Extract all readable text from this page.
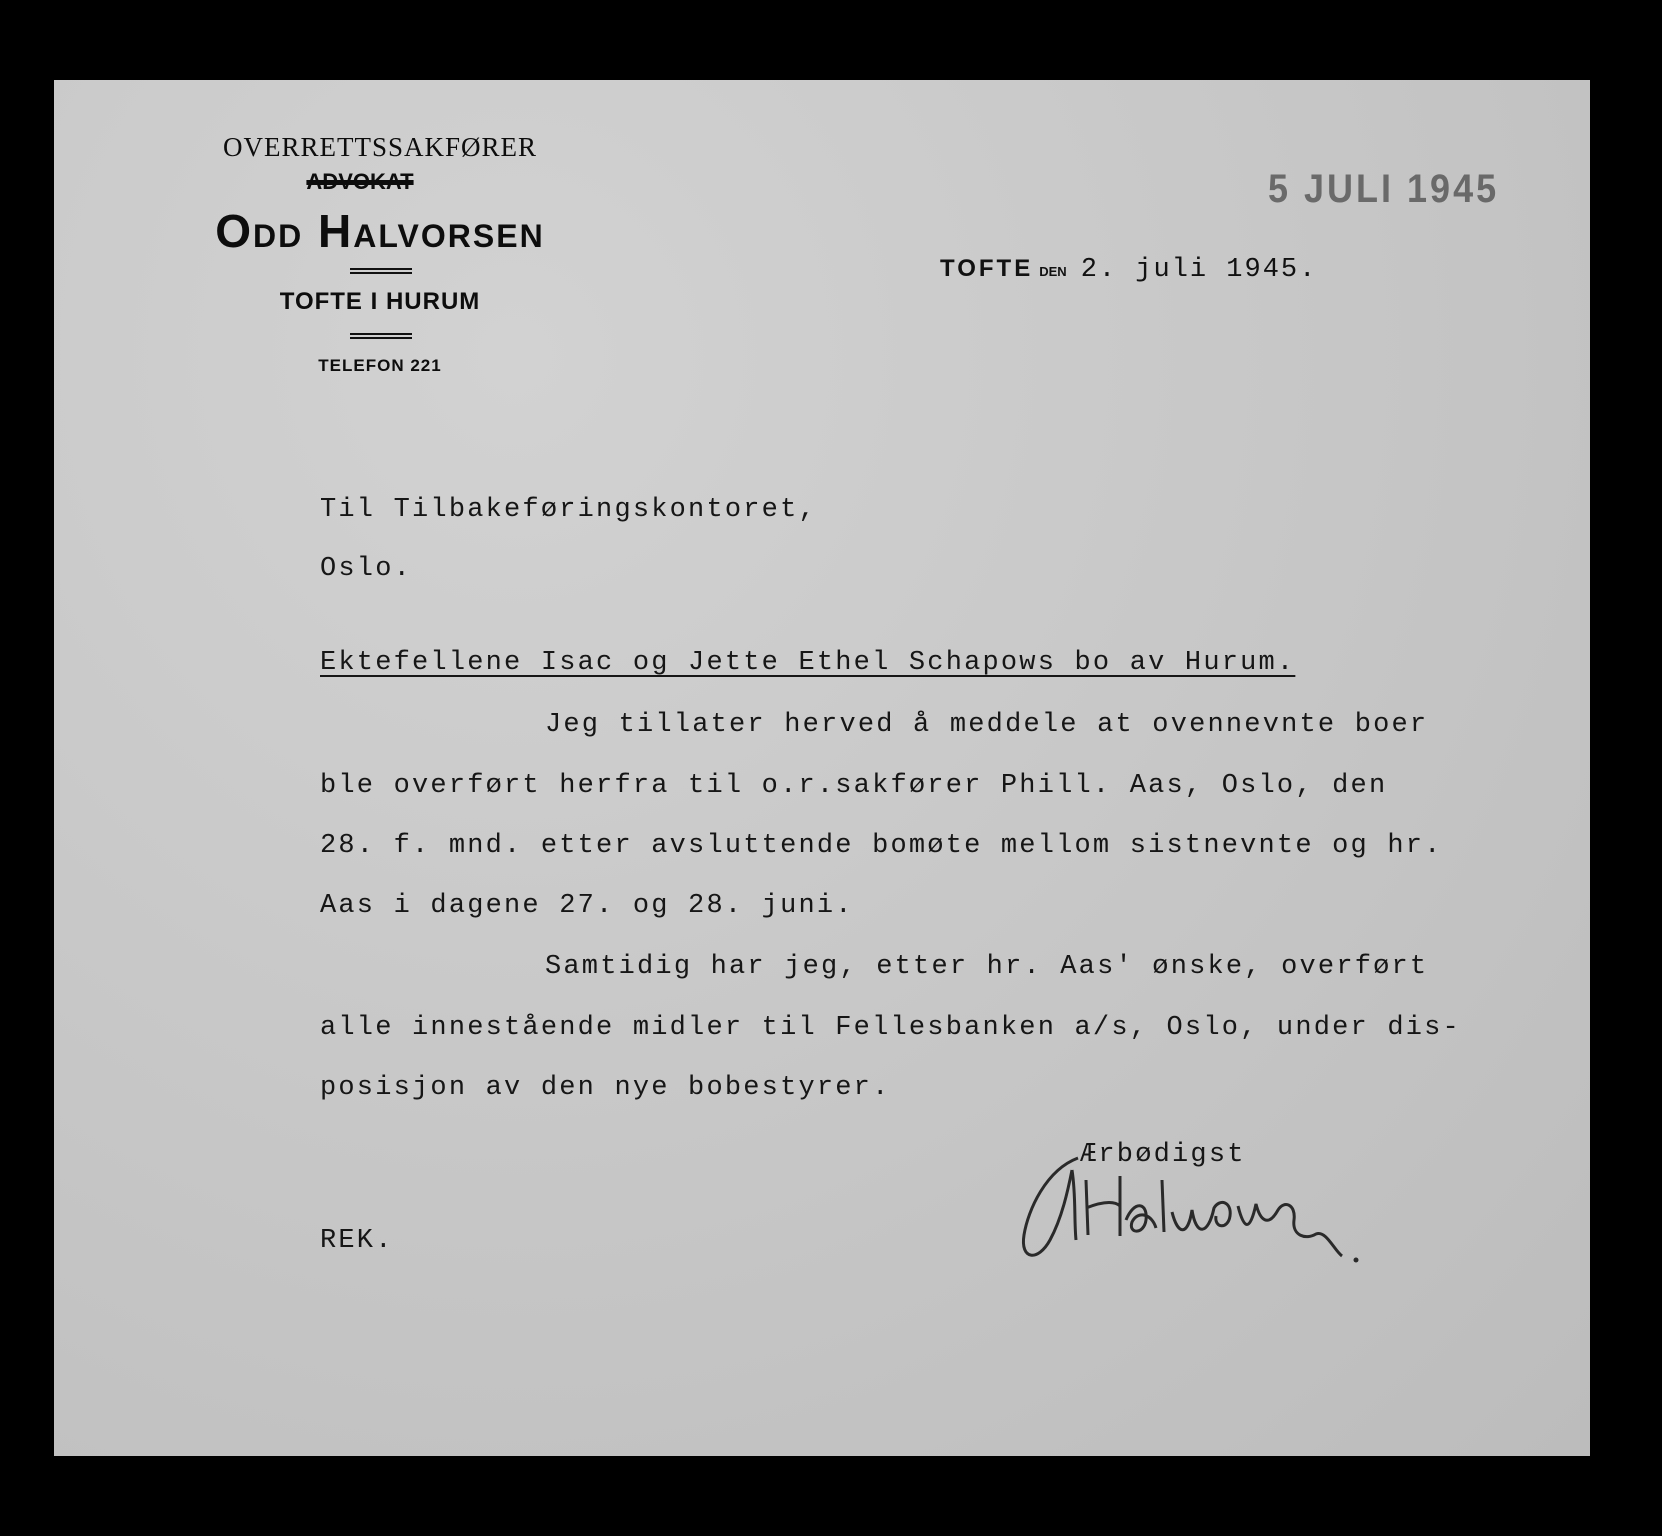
OVERRETTSSAKFØRER
ADVOKAT
Odd Halvorsen
TOFTE I HURUM
TELEFON 221
5 JULI 1945
TOFTE DEN 2. juli 1945.
Til Tilbakeføringskontoret,
Oslo.
Ektefellene Isac og Jette Ethel Schapows bo av Hurum.
Jeg tillater herved å meddele at ovennevnte boer
ble overført herfra til o.r.sakfører Phill. Aas, Oslo, den
28. f. mnd. etter avsluttende bomøte mellom sistnevnte og hr.
Aas i dagene 27. og 28. juni.
Samtidig har jeg, etter hr. Aas' ønske, overført
alle innestående midler til Fellesbanken a/s, Oslo, under dis-
posisjon av den nye bobestyrer.
Ærbødigst
REK.
